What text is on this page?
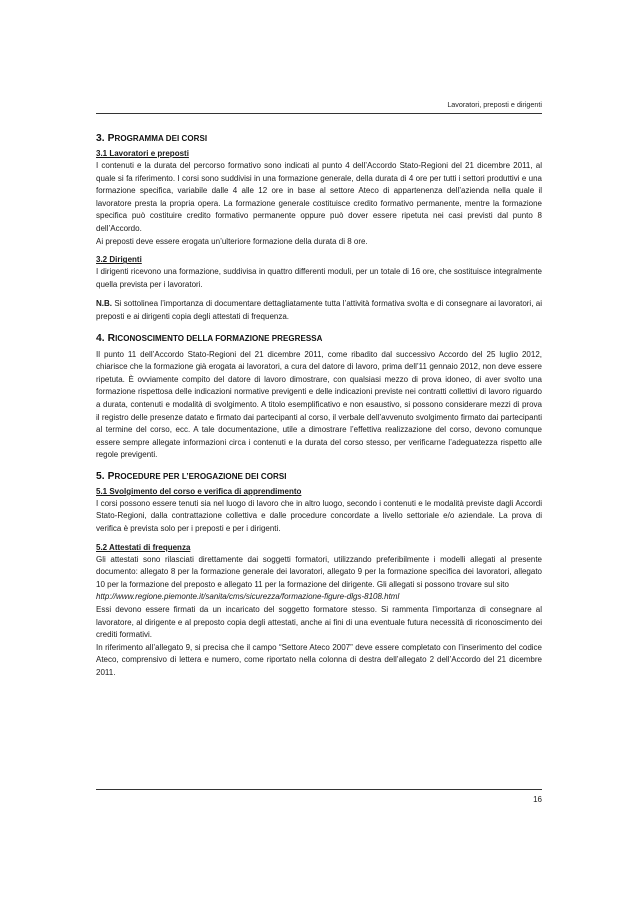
Lavoratori, preposti e dirigenti
3. PROGRAMMA DEI CORSI
3.1 Lavoratori e preposti

I contenuti e la durata del percorso formativo sono indicati al punto 4 dell’Accordo Stato-Regioni del 21 dicembre 2011, al quale si fa riferimento. I corsi sono suddivisi in una formazione generale, della durata di 4 ore per tutti i settori produttivi e una formazione specifica, variabile dalle 4 alle 12 ore in base al settore Ateco di appartenenza dell’azienda nella quale il lavoratore presta la propria opera. La formazione generale costituisce credito formativo permanente, mentre la formazione specifica può costituire credito formativo permanente oppure può dover essere ripetuta nei casi previsti dal punto 8 dell’Accordo.

Ai preposti deve essere erogata un’ulteriore formazione della durata di 8 ore.

3.2 Dirigenti

I dirigenti ricevono una formazione, suddivisa in quattro differenti moduli, per un totale di 16 ore, che sostituisce integralmente quella prevista per i lavoratori.

N.B. Si sottolinea l’importanza di documentare dettagliatamente tutta l’attività formativa svolta e di consegnare ai lavoratori, ai preposti e ai dirigenti copia degli attestati di frequenza.

4. RICONOSCIMENTO DELLA FORMAZIONE PREGRESSA

Il punto 11 dell’Accordo Stato-Regioni del 21 dicembre 2011, come ribadito dal successivo Accordo del 25 luglio 2012, chiarisce che la formazione già erogata ai lavoratori, a cura del datore di lavoro, prima dell’11 gennaio 2012, non deve essere ripetuta. È ovviamente compito del datore di lavoro dimostrare, con qualsiasi mezzo di prova idoneo, di aver svolto una formazione rispettosa delle indicazioni normative previgenti e delle indicazioni previste nei contratti collettivi di lavoro riguardo a durata, contenuti e modalità di svolgimento. A titolo esemplificativo e non esaustivo, si possono considerare mezzi di prova il registro delle presenze datato e firmato dai partecipanti al corso, il verbale dell’avvenuto svolgimento firmato dai partecipanti al termine del corso, ecc. A tale documentazione, utile a dimostrare l’effettiva realizzazione del corso, devono comunque essere sempre allegate informazioni circa i contenuti e la durata del corso stesso, per verificarne l’adeguatezza rispetto alle regole previgenti.

5. PROCEDURE PER L’EROGAZIONE DEI CORSI
5.1 Svolgimento del corso e verifica di apprendimento

I corsi possono essere tenuti sia nel luogo di lavoro che in altro luogo, secondo i contenuti e le modalità previste dagli Accordi Stato-Regioni, dalla contrattazione collettiva e dalle procedure concordate a livello settoriale e/o aziendale. La prova di verifica è prevista solo per i preposti e per i dirigenti.

5.2 Attestati di frequenza

Gli attestati sono rilasciati direttamente dai soggetti formatori, utilizzando preferibilmente i modelli allegati al presente documento: allegato 8 per la formazione generale dei lavoratori, allegato 9 per la formazione specifica dei lavoratori, allegato 10 per la formazione del preposto e allegato 11 per la formazione del dirigente. Gli allegati si possono trovare sul sito

http://www.regione.piemonte.it/sanita/cms/sicurezza/formazione-figure-dlgs-8108.html

Essi devono essere firmati da un incaricato del soggetto formatore stesso. Si rammenta l’importanza di consegnare al lavoratore, al dirigente e al preposto copia degli attestati, anche ai fini di una eventuale futura necessità di riconoscimento dei crediti formativi.

In riferimento all’allegato 9, si precisa che il campo “Settore Ateco 2007” deve essere completato con l’inserimento del codice Ateco, comprensivo di lettera e numero, come riportato nella colonna di destra dell’allegato 2 dell’Accordo del 21 dicembre 2011.

16
